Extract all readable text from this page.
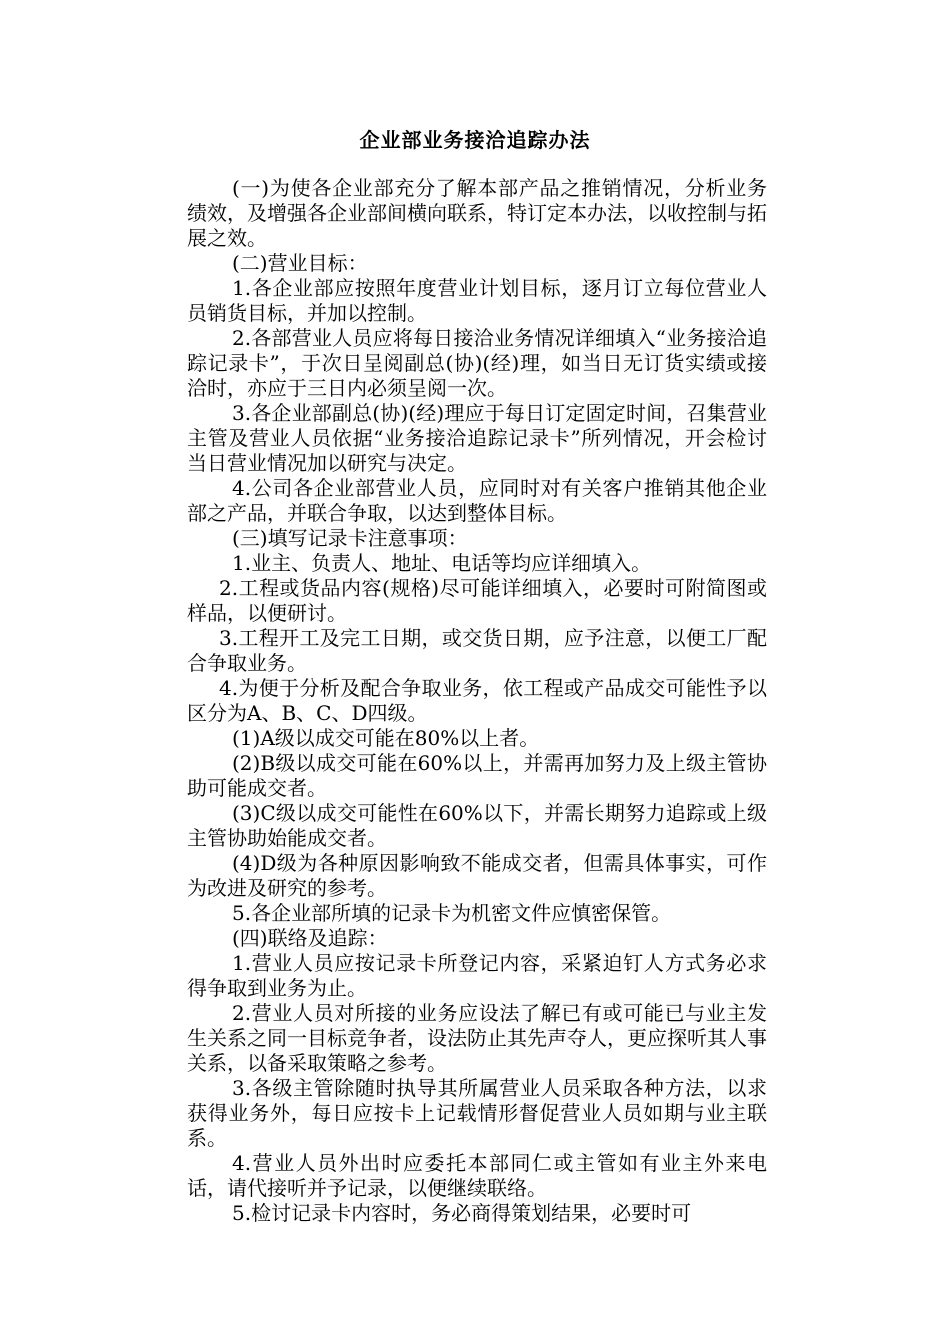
企业部业务接洽追踪办法

(一)为使各企业部充分了解本部产品之推销情况，分析业务绩效，及增强各企业部间横向联系，特订定本办法，以收控制与拓展之效。

(二)营业目标：

1.各企业部应按照年度营业计划目标，逐月订立每位营业人员销货目标，并加以控制。

2.各部营业人员应将每日接洽业务情况详细填入“业务接洽追踪记录卡”，于次日呈阅副总(协)(经)理，如当日无订货实绩或接洽时，亦应于三日内必须呈阅一次。

3.各企业部副总(协)(经)理应于每日订定固定时间，召集营业主管及营业人员依据“业务接洽追踪记录卡”所列情况，开会检讨当日营业情况加以研究与决定。

4.公司各企业部营业人员，应同时对有关客户推销其他企业部之产品，并联合争取，以达到整体目标。

(三)填写记录卡注意事项：

1.业主、负责人、地址、电话等均应详细填入。

2.工程或货品内容(规格)尽可能详细填入，必要时可附简图或样品，以便研讨。

3.工程开工及完工日期，或交货日期，应予注意，以便工厂配合争取业务。

4.为便于分析及配合争取业务，依工程或产品成交可能性予以区分为A、B、C、D四级。

(1)A级以成交可能在80%以上者。

(2)B级以成交可能在60%以上，并需再加努力及上级主管协助可能成交者。

(3)C级以成交可能性在60%以下，并需长期努力追踪或上级主管协助始能成交者。

(4)D级为各种原因影响致不能成交者，但需具体事实，可作为改进及研究的参考。

5.各企业部所填的记录卡为机密文件应慎密保管。

(四)联络及追踪：

1.营业人员应按记录卡所登记内容，采紧迫钉人方式务必求得争取到业务为止。

2.营业人员对所接的业务应设法了解已有或可能已与业主发生关系之同一目标竞争者，设法防止其先声夺人，更应探听其人事关系，以备采取策略之参考。

3.各级主管除随时执导其所属营业人员采取各种方法，以求获得业务外，每日应按卡上记载情形督促营业人员如期与业主联系。

4.营业人员外出时应委托本部同仁或主管如有业主外来电话，请代接听并予记录，以便继续联络。

5.检讨记录卡内容时，务必商得策划结果，必要时可
